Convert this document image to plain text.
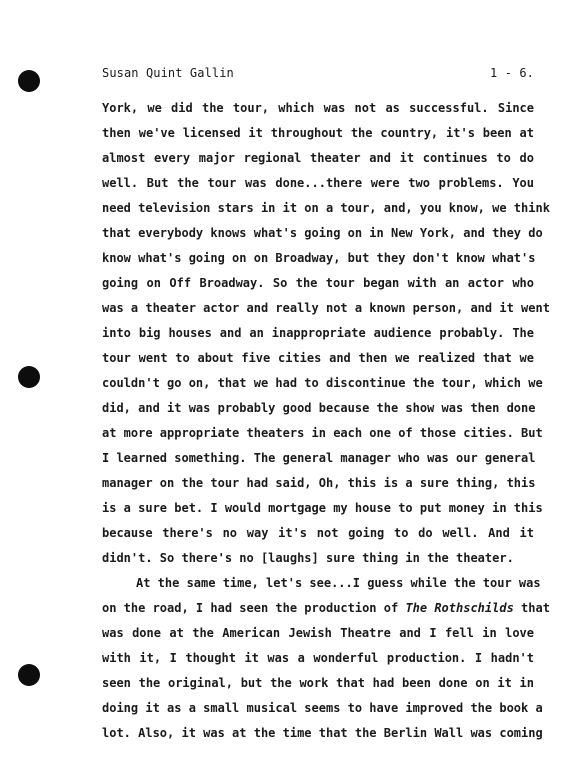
Susan Quint Gallin	1 - 6.
York, we did the tour, which was not as successful. Since
then we've licensed it throughout the country, it's been at
almost every major regional theater and it continues to do
well. But the tour was done...there were two problems. You
need television stars in it on a tour, and, you know, we think
that everybody knows what's going on in New York, and they do
know what's going on on Broadway, but they don't know what's
going on Off Broadway. So the tour began with an actor who
was a theater actor and really not a known person, and it went
into big houses and an inappropriate audience probably. The
tour went to about five cities and then we realized that we
couldn't go on, that we had to discontinue the tour, which we
did, and it was probably good because the show was then done
at more appropriate theaters in each one of those cities. But
I learned something. The general manager who was our general
manager on the tour had said, Oh, this is a sure thing, this
is a sure bet. I would mortgage my house to put money in this
because there's no way it's not going to do well. And it
didn't. So there's no [laughs] sure thing in the theater.
At the same time, let's see...I guess while the tour was
on the road, I had seen the production of The Rothschilds that
was done at the American Jewish Theatre and I fell in love
with it, I thought it was a wonderful production. I hadn't
seen the original, but the work that had been done on it in
doing it as a small musical seems to have improved the book a
lot. Also, it was at the time that the Berlin Wall was coming
